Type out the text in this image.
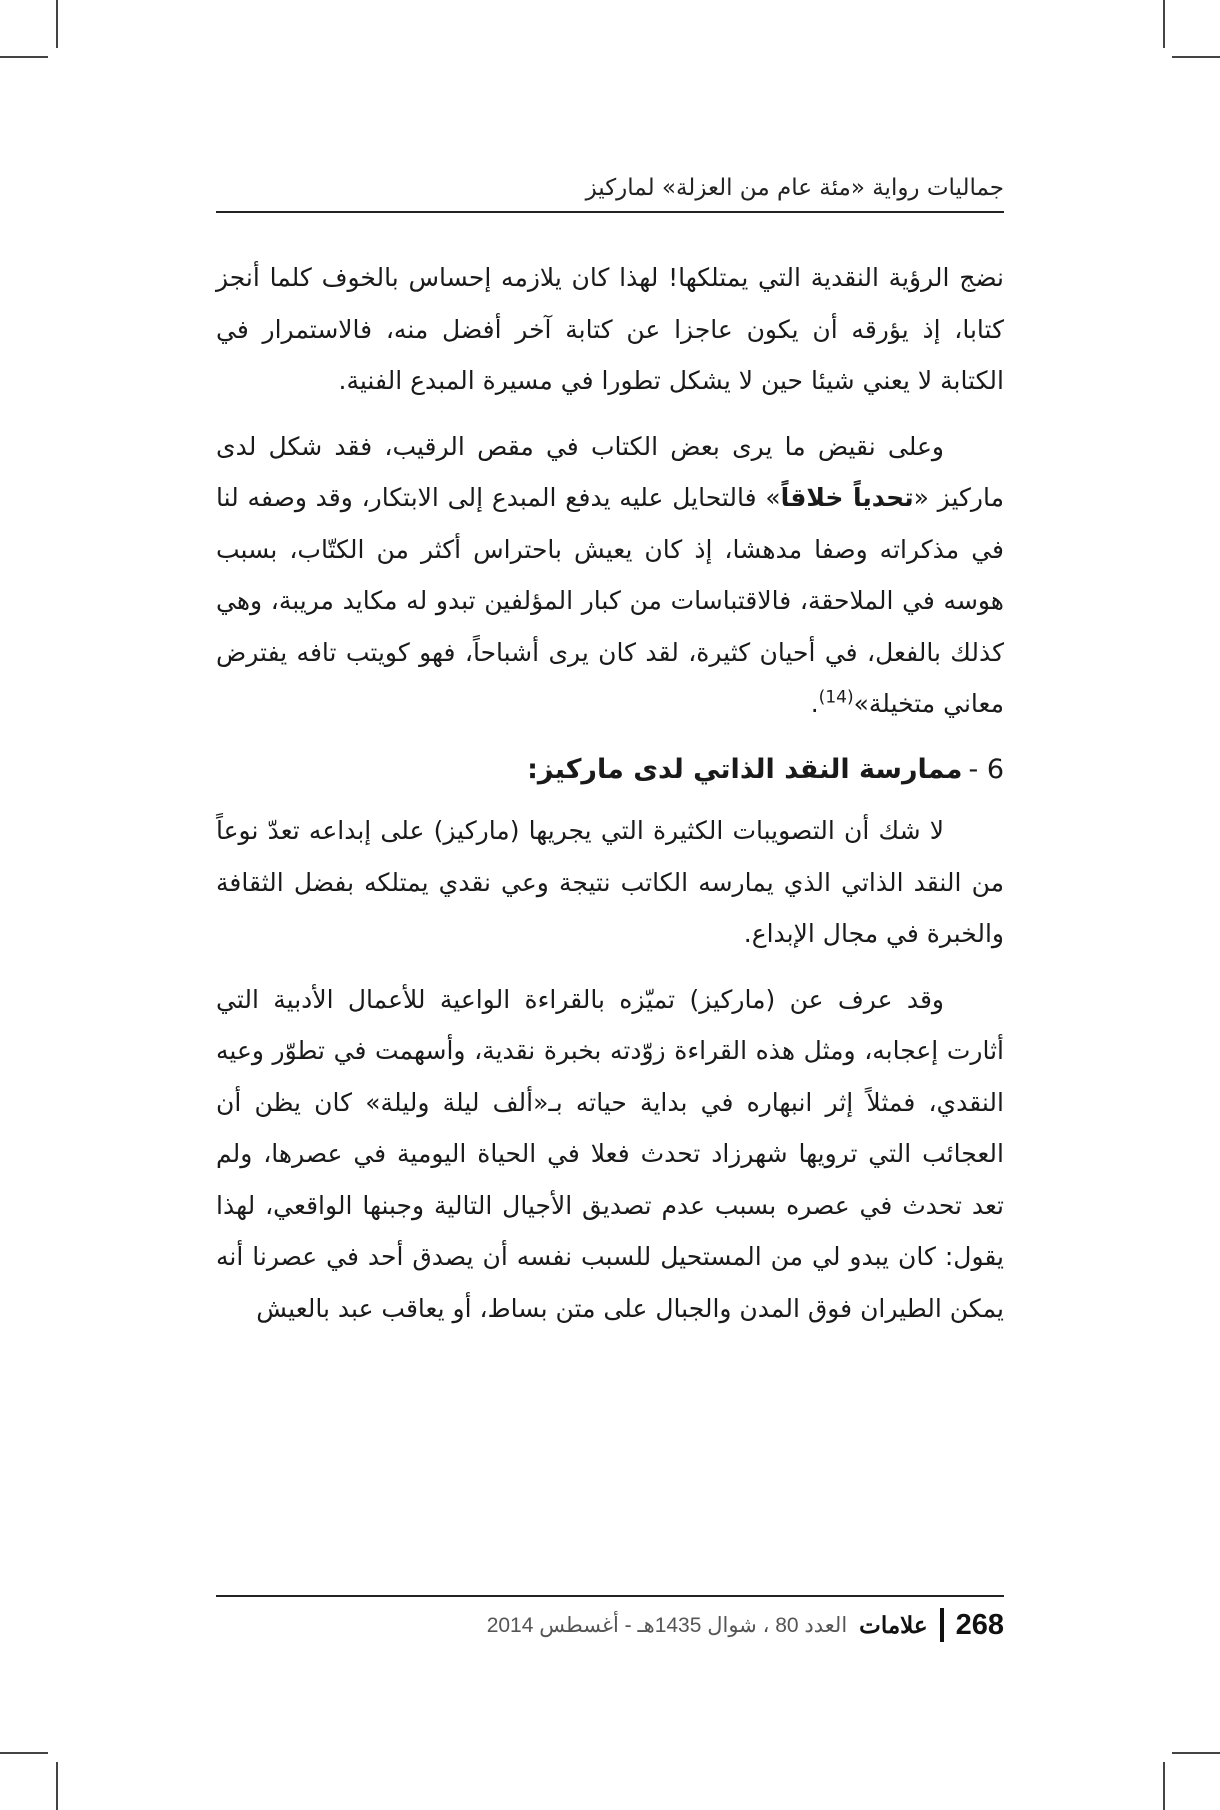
جماليات رواية «مئة عام من العزلة» لماركيز

نضج الرؤية النقدية التي يمتلكها! لهذا كان يلازمه إحساس بالخوف كلما أنجز كتابا، إذ يؤرقه أن يكون عاجزا عن كتابة آخر أفضل منه، فالاستمرار في الكتابة لا يعني شيئا حين لا يشكل تطورا في مسيرة المبدع الفنية.

وعلى نقيض ما يرى بعض الكتاب في مقص الرقيب، فقد شكل لدى ماركيز «تحدياً خلاقاً» فالتحايل عليه يدفع المبدع إلى الابتكار، وقد وصفه لنا في مذكراته وصفا مدهشا، إذ كان يعيش باحتراس أكثر من الكتّاب، بسبب هوسه في الملاحقة، فالاقتباسات من كبار المؤلفين تبدو له مكايد مريبة، وهي كذلك بالفعل، في أحيان كثيرة، لقد كان يرى أشباحاً، فهو كويتب تافه يفترض معاني متخيلة»$^{(14)}$.

6 -ممارسة النقد الذاتي لدى ماركيز:

لا شك أن التصويبات الكثيرة التي يجريها (ماركيز) على إبداعه تعدّ نوعاً من النقد الذاتي الذي يمارسه الكاتب نتيجة وعي نقدي يمتلكه بفضل الثقافة والخبرة في مجال الإبداع.

وقد عرف عن (ماركيز) تميّزه بالقراءة الواعية للأعمال الأدبية التي أثارت إعجابه، ومثل هذه القراءة زوّدته بخبرة نقدية، وأسهمت في تطوّر وعيه النقدي، فمثلاً إثر انبهاره في بداية حياته بـ«ألف ليلة وليلة» كان يظن أن العجائب التي ترويها شهرزاد تحدث فعلا في الحياة اليومية في عصرها، ولم تعد تحدث في عصره بسبب عدم تصديق الأجيال التالية وجبنها الواقعي، لهذا يقول: كان يبدو لي من المستحيل للسبب نفسه أن يصدق أحد في عصرنا أنه يمكن الطيران فوق المدن والجبال على متن بساط، أو يعاقب عبد بالعيش

268
علامات
العدد 80 ، شوال 1435هـ - أغسطس 2014
